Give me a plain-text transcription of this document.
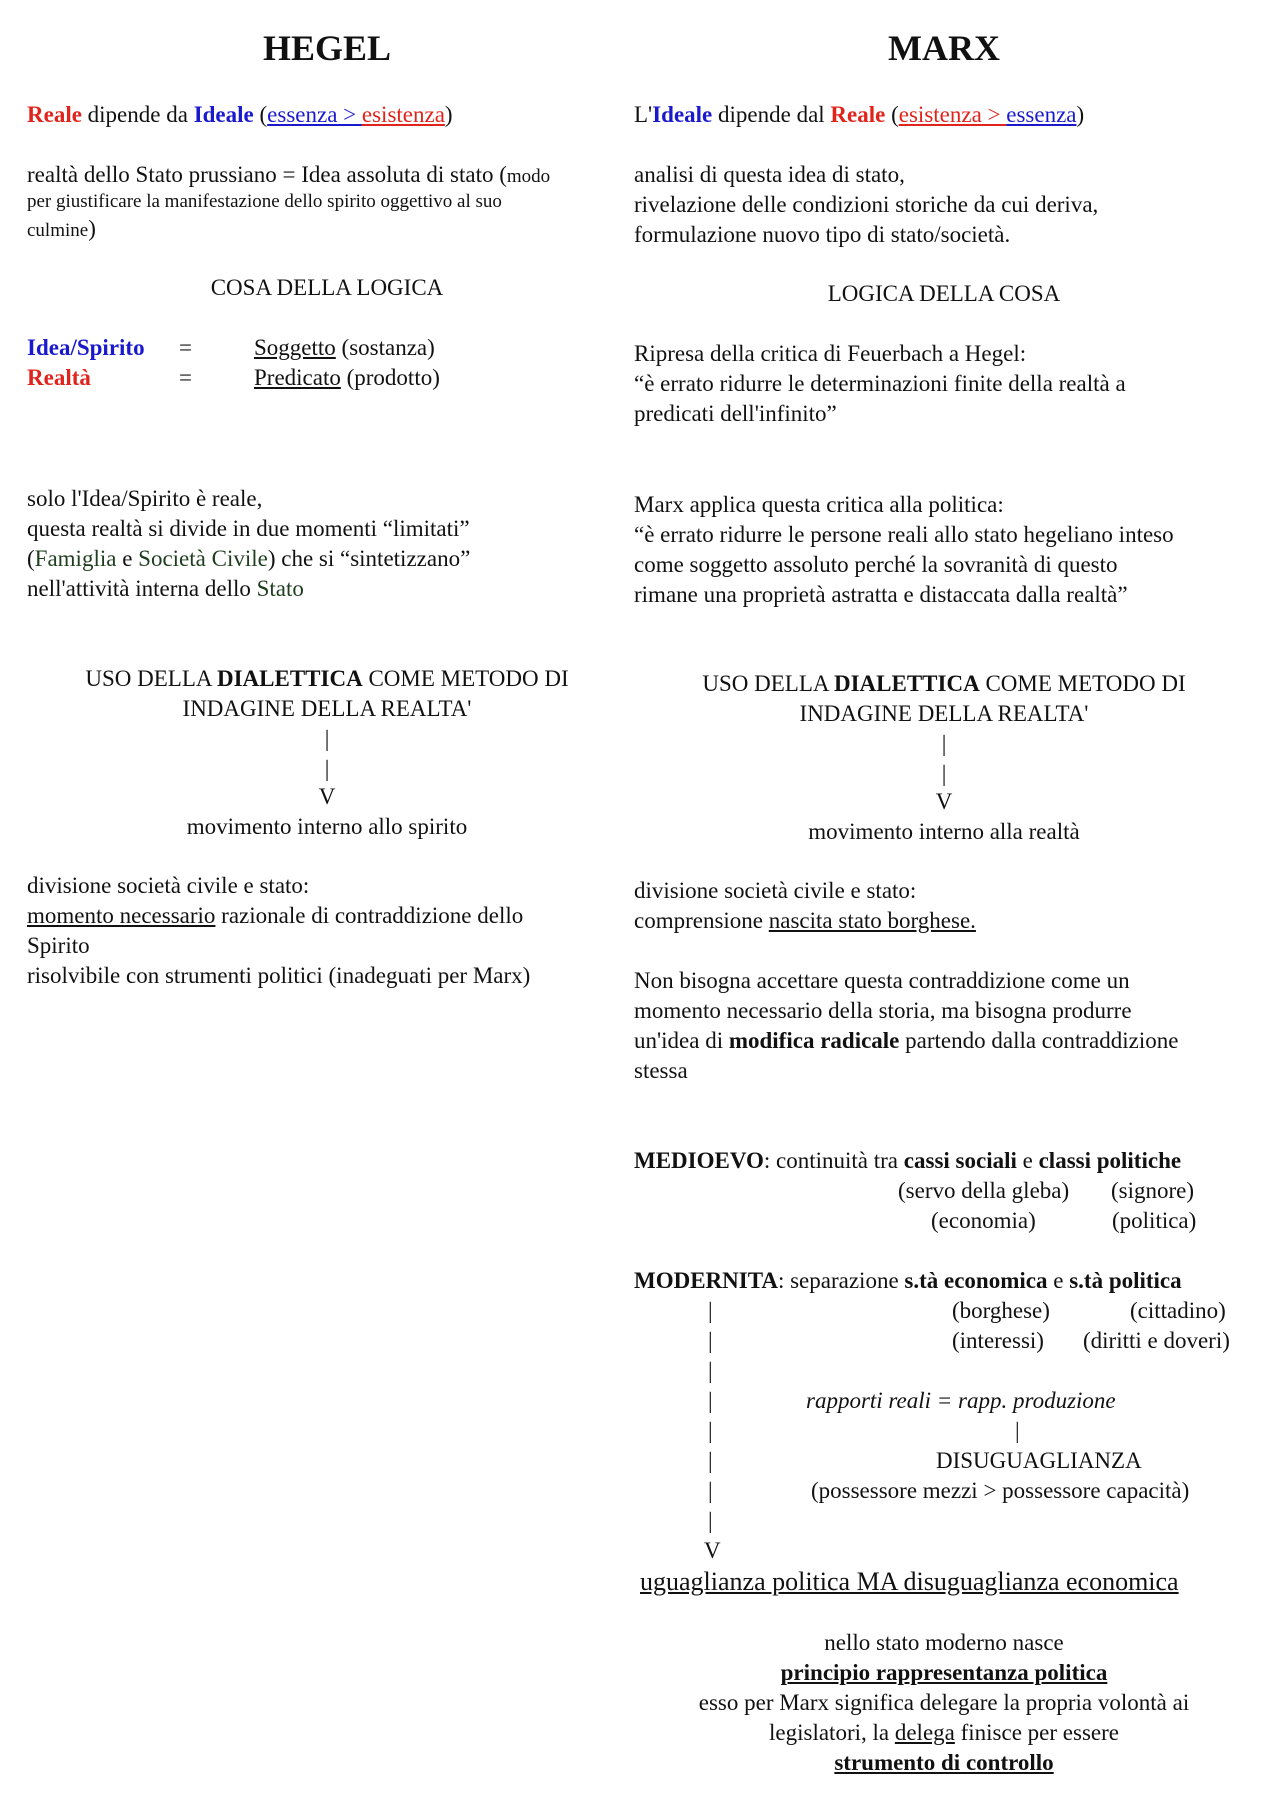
HEGEL
Reale dipende da Ideale (essenza > esistenza)
realtà dello Stato prussiano = Idea assoluta di stato (modo
per giustificare la manifestazione dello spirito oggettivo al suo
culmine)
COSA DELLA LOGICA
Idea/Spirito =	Soggetto (sostanza)
Realtà	=	Predicato (prodotto)
solo l'Idea/Spirito è reale,
questa realtà si divide in due momenti “limitati”
(Famiglia e Società Civile) che si “sintetizzano”
nell'attività interna dello Stato
USO DELLA DIALETTICA COME METODO DI
INDAGINE DELLA REALTA'
|
|
V
movimento interno allo spirito
divisione società civile e stato:
momento necessario razionale di contraddizione dello
Spirito
risolvibile con strumenti politici (inadeguati per Marx)
MARX
L'Ideale dipende dal Reale (esistenza > essenza)
analisi di questa idea di stato,
rivelazione delle condizioni storiche da cui deriva,
formulazione nuovo tipo di stato/società.
LOGICA DELLA COSA
Ripresa della critica di Feuerbach a Hegel:
“è errato ridurre le determinazioni finite della realtà a
predicati dell'infinito”
Marx applica questa critica alla politica:
“è errato ridurre le persone reali allo stato hegeliano inteso
come soggetto assoluto perché la sovranità di questo
rimane una proprietà astratta e distaccata dalla realtà”
USO DELLA DIALETTICA COME METODO DI
INDAGINE DELLA REALTA'
|
|
V
movimento interno alla realtà
divisione società civile e stato:
comprensione nascita stato borghese.
Non bisogna accettare questa contraddizione come un
momento necessario della storia, ma bisogna produrre
un'idea di modifica radicale partendo dalla contraddizione
stessa
MEDIOEVO: continuità tra cassi sociali e classi politiche
(servo della gleba) (signore)
(economia)	(politica)
MODERNITA: separazione s.tà economica e s.tà politica
(borghese)	(cittadino)
(interessi) (diritti e doveri)
|
|
|
|
|
|
|
|
V
rapporti reali = rapp. produzione
|
DISUGUAGLIANZA
(possessore mezzi > possessore capacità)
uguaglianza politica MA disuguaglianza economica
nello stato moderno nasce
principio rappresentanza politica
esso per Marx significa delegare la propria volontà ai
legislatori, la delega finisce per essere
strumento di controllo
